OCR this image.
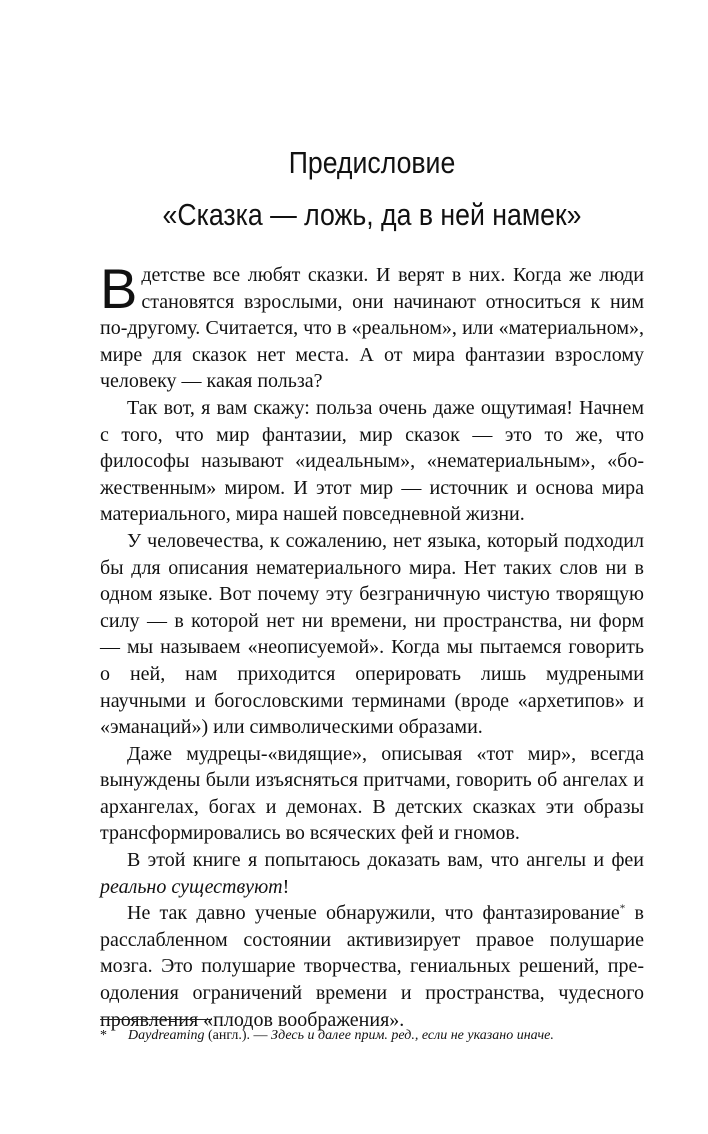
Предисловие
«Сказка — ложь, да в ней намек»

В детстве все любят сказки. И верят в них. Когда же люди становятся взрослыми, они начинают относиться к ним по-другому. Считается, что в «реальном», или «материальном», мире для сказок нет места. А от мира фантазии взрослому человеку — какая польза?

Так вот, я вам скажу: польза очень даже ощутимая! Начнем с того, что мир фантазии, мир сказок — это то же, что философы называют «идеальным», «нематериальным», «божественным» миром. И этот мир — источник и основа мира материального, мира нашей повседневной жизни.

У человечества, к сожалению, нет языка, который подходил бы для описания нематериального мира. Нет таких слов ни в одном языке. Вот почему эту безграничную чистую творящую силу — в которой нет ни времени, ни пространства, ни форм — мы называем «неописуемой». Когда мы пытаемся говорить о ней, нам приходится оперировать лишь мудреными научными и богословскими терминами (вроде «архетипов» и «эманаций») или символическими образами.

Даже мудрецы-«видящие», описывая «тот мир», всегда вынуждены были изъясняться притчами, говорить об ангелах и архангелах, богах и демонах. В детских сказках эти образы трансформировались во всяческих фей и гномов.

В этой книге я попытаюсь доказать вам, что ангелы и феи реально существуют!

Не так давно ученые обнаружили, что фантазирование* в расслабленном состоянии активизирует правое полушарие мозга. Это полушарие творчества, гениальных решений, преодоления ограничений времени и пространства, чудесного проявления «плодов воображения».

* Daydreaming (англ.). — Здесь и далее прим. ред., если не указано иначе.
